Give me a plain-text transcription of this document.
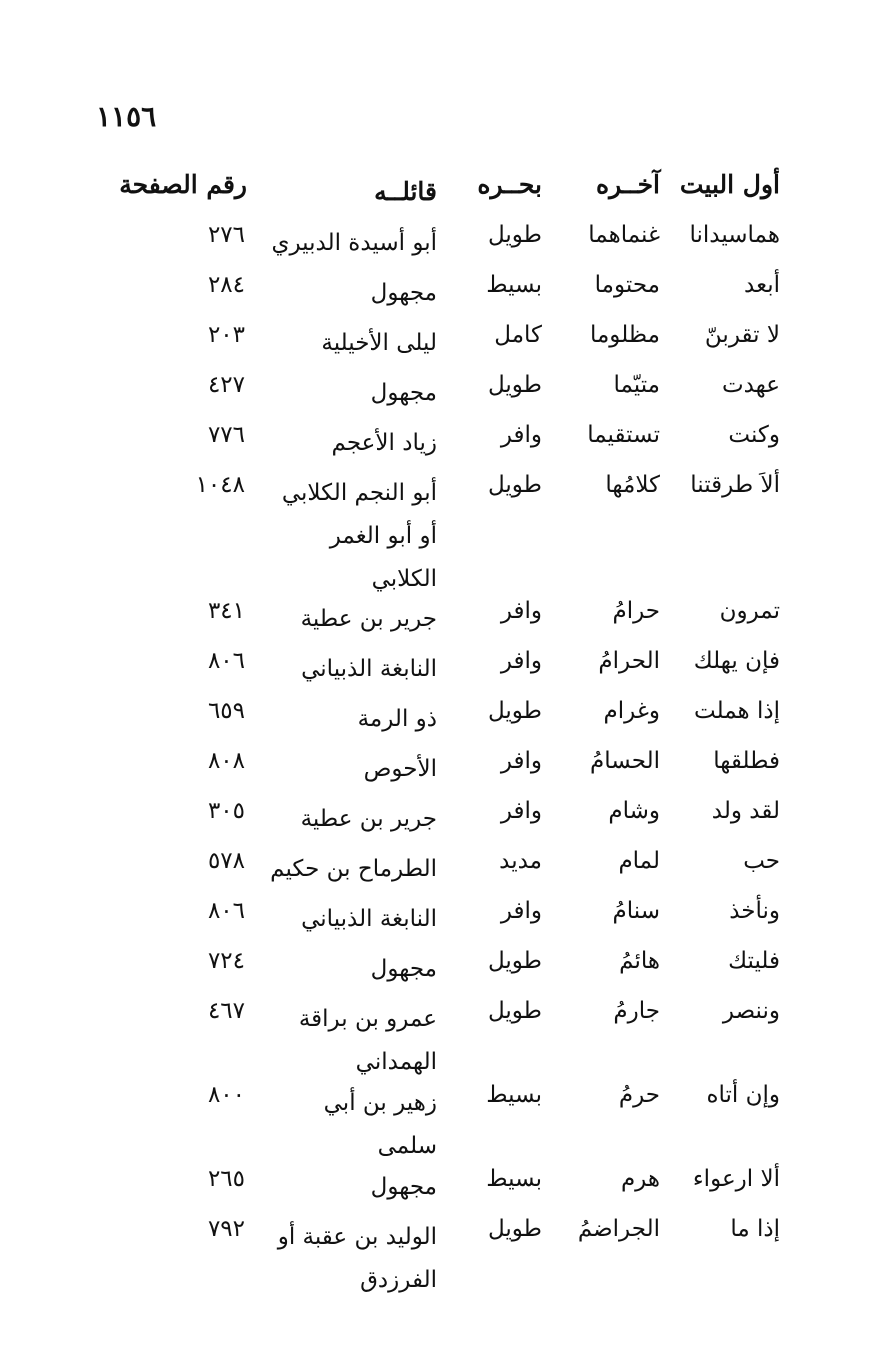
١١٥٦
أول البيت
آخــره
بحــره
قائلــه
رقم الصفحة
هماسيدانا
غنماهما
طويل
أبو أسيدة الدبيري
٢٧٦
أبعد
محتوما
بسيط
مجهول
٢٨٤
لا تقربنّ
مظلوما
كامل
ليلى الأخيلية
٢٠٣
عهدت
متيّما
طويل
مجهول
٤٢٧
وكنت
تستقيما
وافر
زياد الأعجم
٧٧٦
ألاَ طرقتنا
كلامُها
طويل
أبو النجم الكلابي أو أبو الغمر الكلابي
١٠٤٨
تمرون
حرامُ
وافر
جرير بن عطية
٣٤١
فإن يهلك
الحرامُ
وافر
النابغة الذبياني
٨٠٦
إذا هملت
وغرام
طويل
ذو الرمة
٦٥٩
فطلقها
الحسامُ
وافر
الأحوص
٨٠٨
لقد ولد
وشام
وافر
جرير بن عطية
٣٠٥
حب
لمام
مديد
الطرماح بن حكيم
٥٧٨
ونأخذ
سنامُ
وافر
النابغة الذبياني
٨٠٦
فليتك
هائمُ
طويل
مجهول
٧٢٤
وننصر
جارمُ
طويل
عمرو بن براقة الهمداني
٤٦٧
وإن أتاه
حرمُ
بسيط
زهير بن أبي سلمى
٨٠٠
ألا ارعواء
هرم
بسيط
مجهول
٢٦٥
إذا ما
الجراضمُ
طويل
الوليد بن عقبة أو الفرزدق
٧٩٢
